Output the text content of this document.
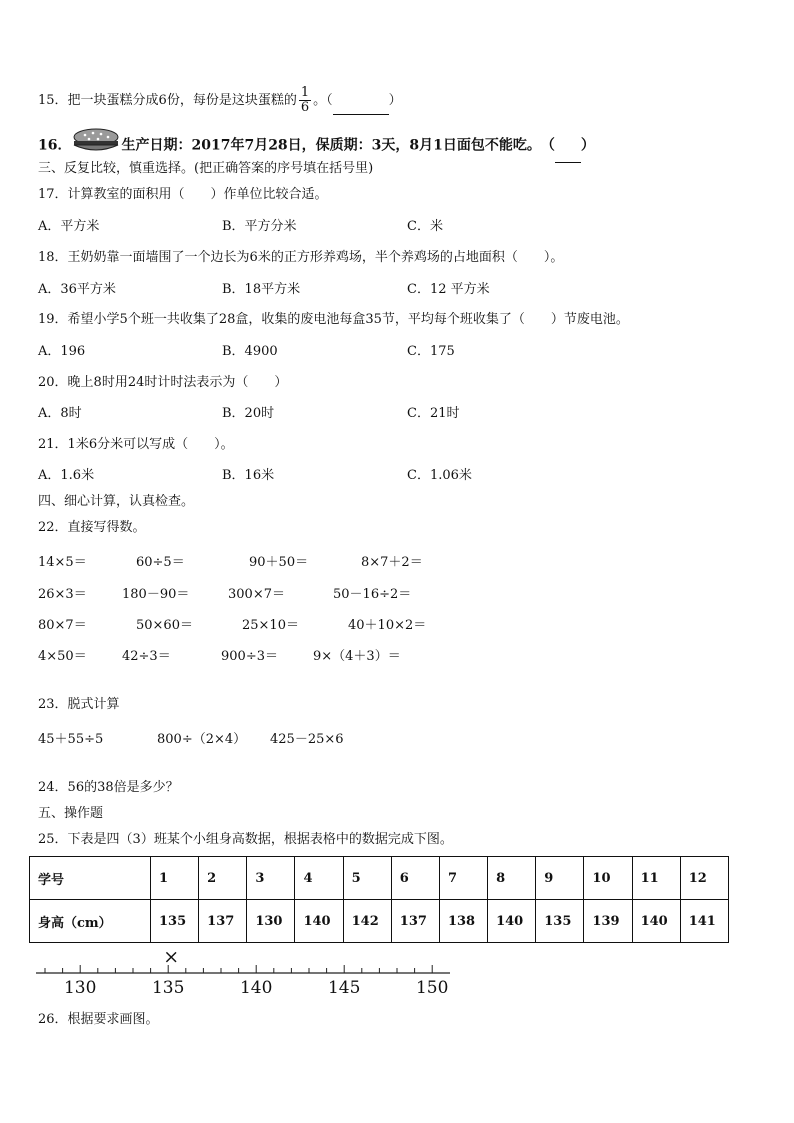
15．把一块蛋糕分成6份，每份是这块蛋糕的 $\frac{1}{6}$ 。（	）
16．	生产日期：2017年7月28日，保质期：3天，8月1日面包不能吃。　（ ）
三、反复比较，慎重选择。(把正确答案的序号填在括号里)
17．计算教室的面积用（　　）作单位比较合适。
A．平方米	B．平方分米	C．米
18．王奶奶靠一面墙围了一个边长为6米的正方形养鸡场，半个养鸡场的占地面积（　　）。
A．36平方米	B．18平方米	C．12 平方米
19．希望小学5个班一共收集了28盒，收集的废电池每盒35节，平均每个班收集了（　　）节废电池。
A．196	B．4900	C．175
20．晚上8时用24时计时法表示为（　　）
A．8时	B．20时	C．21时
21．1米6分米可以写成（　　）。
A．1.6米	B．16米	C．1.06米
四、细心计算，认真检查。
22．直接写得数。
14×5＝	60÷5＝	90＋50＝	8×7＋2＝
26×3＝	180－90＝	300×7＝	50－16÷2＝
80×7＝	50×60＝	25×10＝	40＋10×2＝
4×50＝	42÷3＝	900÷3＝	9×（4＋3）＝
23．脱式计算
45＋55÷5	800÷（2×4） 425－25×6
24．56的38倍是多少？
五、操作题
25．下表是四（3）班某个小组身高数据，根据表格中的数据完成下图。
学号	1	2	3	4	5	6	7	8	9	10	11	12
身高（cm）	135	137	130	140	142	137	138	140	135	139	140	141
130	135	140	145	150
×
26．根据要求画图。
